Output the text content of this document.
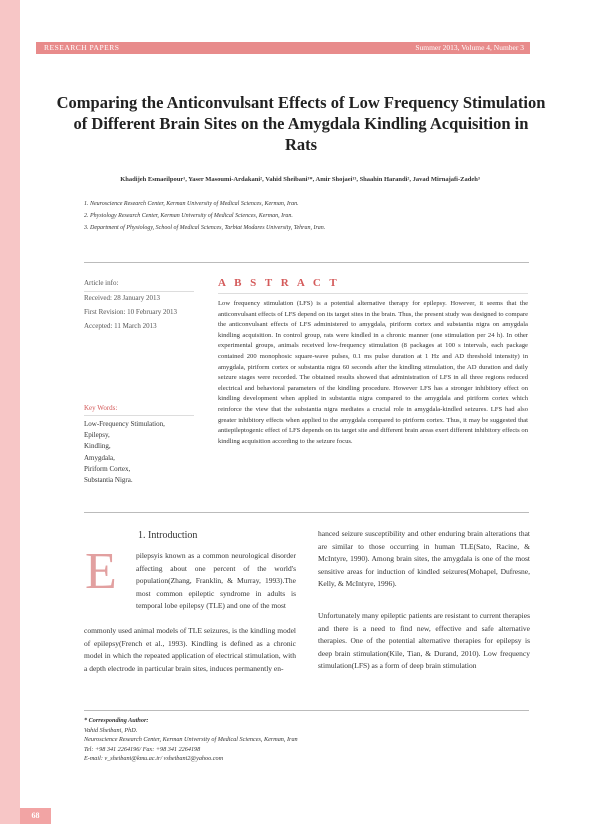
68
RESEARCH PAPERS	Summer 2013, Volume 4, Number 3
Comparing the Anticonvulsant Effects of Low Frequency Stimulation of Different Brain Sites on the Amygdala Kindling Acquisition in Rats
Khadijeh Esmaeilpour¹, Yaser Masoumi-Ardakani², Vahid Sheibani¹*, Amir Shojaei¹³, Shaahin Harandi², Javad Mirnajafi-Zadeh³
1. Neuroscience Research Center, Kerman University of Medical Sciences, Kerman, Iran.
2. Physiology Research Center, Kerman University of Medical Sciences, Kerman, Iran.
3. Department of Physiology, School of Medical Sciences, Tarbiat Modares University, Tehran, Iran.
Article info:
Received: 28 January 2013
First Revision: 10 February 2013
Accepted: 11 March 2013
A B S T R A C T
Low frequency stimulation (LFS) is a potential alternative therapy for epilepsy. However, it seems that the anticonvulsant effects of LFS depend on its target sites in the brain. Thus, the present study was designed to compare the anticonvulsant effects of LFS administered to amygdala, piriform cortex and substantia nigra on amygdala kindling acquisition. In control group, rats were kindled in a chronic manner (one stimulation per 24 h). In other experimental groups, animals received low-frequency stimulation (8 packages at 100 s intervals, each package contained 200 monophosic square-wave pulses, 0.1 ms pulse duration at 1 Hz and AD threshold intensity) in amygdala, piriform cortex or substantia nigra 60 seconds after the kindling stimulation, the AD duration and daily seizure stages were recorded. The obtained results showed that administration of LFS in all three regions reduced electrical and behavioral parameters of the kindling procedure. However LFS has a stronger inhibitory effect on kindling development when applied in substantia nigra compared to the amygdala and piriform cortex which reinforce the view that the substantia nigra mediates a crucial role in amygdala-kindled seizures. LFS had also greater inhibitory effects when applied to the amygdala compared to piriform cortex. Thus, it may be suggested that antiepileptogenic effect of LFS depends on its target site and different brain areas exert different inhibitory effects on kindling acquisition according to the seizure focus.
Key Words:
Low-Frequency Stimulation,
Epilepsy,
Kindling,
Amygdala,
Piriform Cortex,
Substantia Nigra.
1. Introduction
E	pilepsyis known as a common neurological disorder affecting about one percent of the world's population(Zhang, Franklin, & Murray, 1993).The most common epileptic syndrome in adults is temporal lobe epilepsy (TLE) and one of the most
commonly used animal models of TLE seizures, is the kindling model of epilepsy(French et al., 1993). Kindling is defined as a chronic model in which the repeated application of electrical stimulation, with a depth electrode in particular brain sites, induces permanently en-
hanced seizure susceptibility and other enduring brain alterations that are similar to those occurring in human TLE(Sato, Racine, & McIntyre, 1990). Among brain sites, the amygdala is one of the most sensitive areas for induction of kindled seizures(Mohapel, Dufresne, Kelly, & McIntyre, 1996).
Unfortunately many epileptic patients are resistant to current therapies and there is a need to find new, effective and safe alternative therapies. One of the potential alternative therapies for epilepsy is deep brain stimulation(Kile, Tian, & Durand, 2010). Low frequency stimulation(LFS) as a form of deep brain stimulation
* Corresponding Author:
Vahid Sheibani, PhD.
Neuroscience Research Center, Kerman University of Medical Sciences, Kerman, Iran
Tel: +98 341 2264196/ Fax: +98 341 2264198
E-mail: v_sheibani@kmu.ac.ir/ vsheibani2@yahoo.com
